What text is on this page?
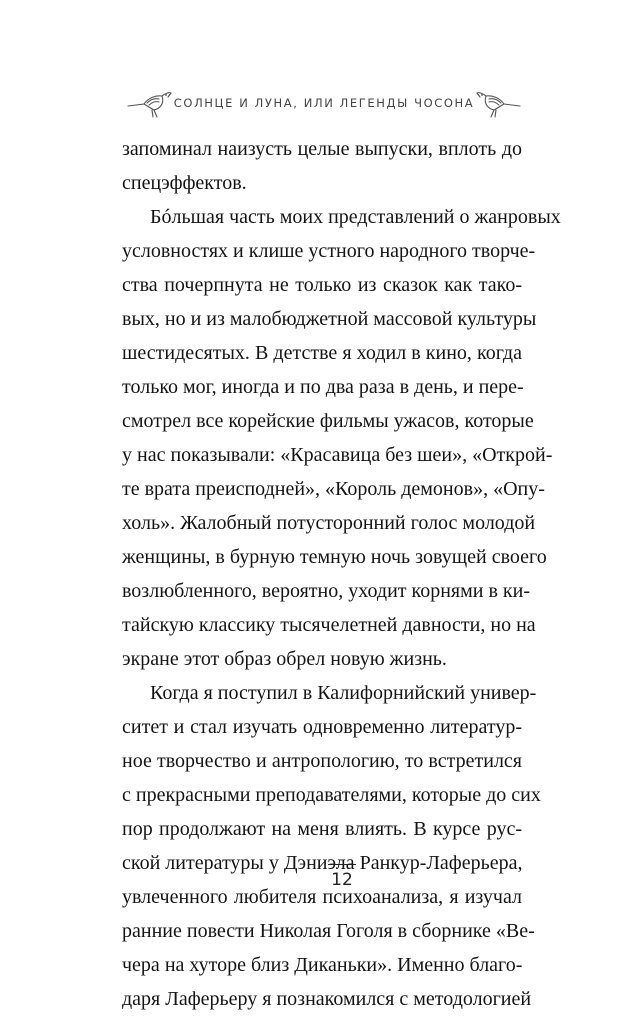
СОЛНЦЕ И ЛУНА, ИЛИ ЛЕГЕНДЫ ЧОСОНА
запоминал наизусть целые выпуски, вплоть до
спецэффектов.
Бóльшая часть моих представлений о жанровых
условностях и клише устного народного творче-
ства почерпнута не только из сказок как тако-
вых, но и из малобюджетной массовой культуры
шестидесятых. В детстве я ходил в кино, когда
только мог, иногда и по два раза в день, и пере-
смотрел все корейские фильмы ужасов, которые
у нас показывали: «Красавица без шеи», «Открой-
те врата преисподней», «Король демонов», «Опу-
холь». Жалобный потусторонний голос молодой
женщины, в бурную темную ночь зовущей своего
возлюбленного, вероятно, уходит корнями в ки-
тайскую классику тысячелетней давности, но на
экране этот образ обрел новую жизнь.
Когда я поступил в Калифорнийский универ-
ситет и стал изучать одновременно литератур-
ное творчество и антропологию, то встретился
с прекрасными преподавателями, которые до сих
пор продолжают на меня влиять. В курсе рус-
ской литературы у Дэниэла Ранкур-Лаферьера,
увлеченного любителя психоанализа, я изучал
ранние повести Николая Гоголя в сборнике «Ве-
чера на хуторе близ Диканьки». Именно благо-
даря Лаферьеру я познакомился с методологией
12
